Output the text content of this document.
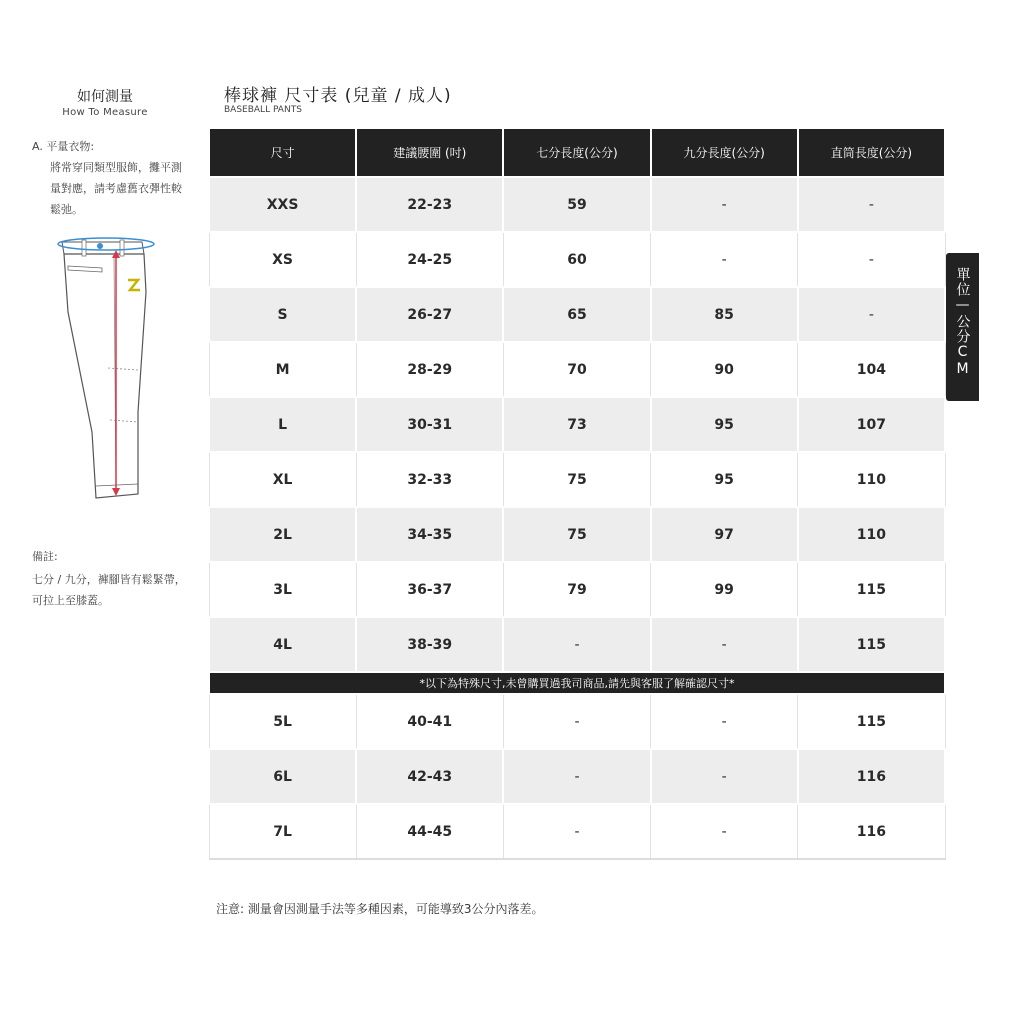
如何測量
How To Measure
A. 平量衣物:
將常穿同類型服飾，攤平測量對應，請考慮舊衣彈性較鬆弛。
備註:
七分 / 九分，褲腳皆有鬆緊帶，可拉上至膝蓋。
棒球褲 尺寸表 (兒童 / 成人)
BASEBALL PANTS
尺寸	建議腰圍 (吋)	七分長度(公分)	九分長度(公分)	直筒長度(公分)
XXS	22-23	59	-	-
XS	24-25	60	-	-
S	26-27	65	85	-
M	28-29	70	90	104
L	30-31	73	95	107
XL	32-33	75	95	110
2L	34-35	75	97	110
3L	36-37	79	99	115
4L	38-39	-	-	115
*以下為特殊尺寸,未曾購買過我司商品,請先與客服了解確認尺寸*				
5L	40-41	-	-	115
6L	42-43	-	-	116
7L	44-45	-	-	116
單位—公分CM
注意: 測量會因測量手法等多種因素，可能導致3公分內落差。
